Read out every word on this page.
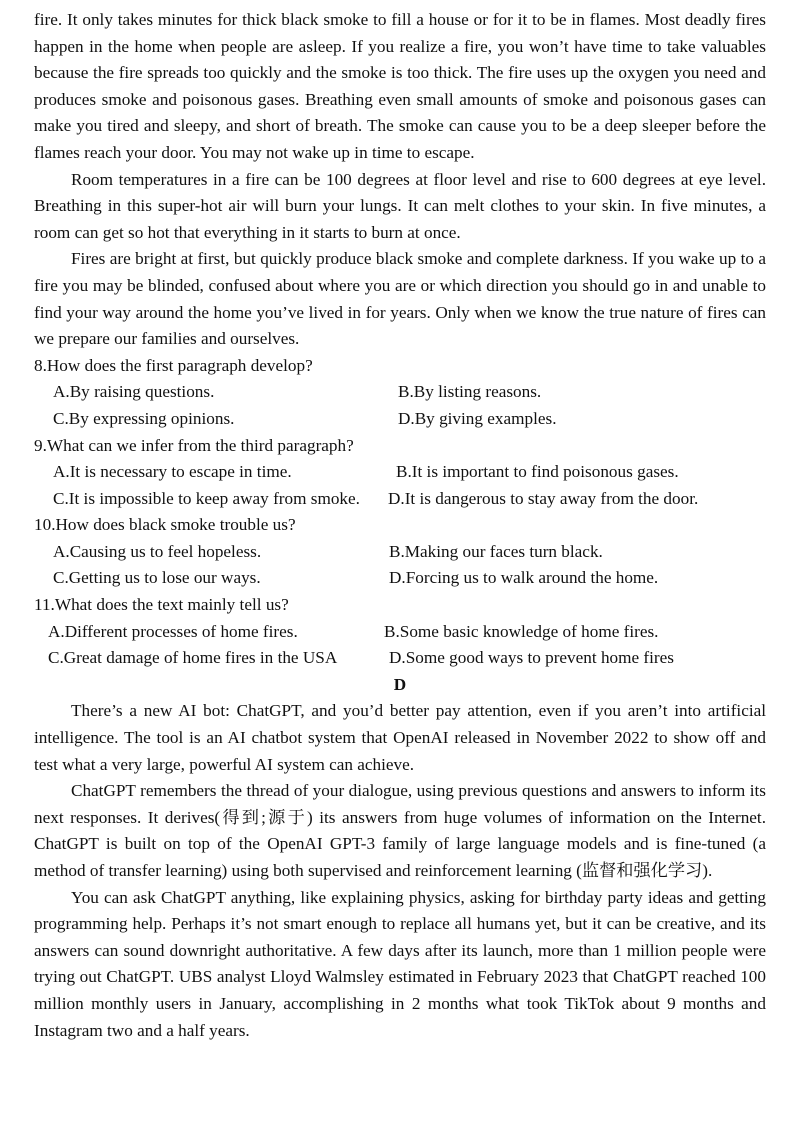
fire. It only takes minutes for thick black smoke to fill a house or for it to be in flames. Most deadly fires happen in the home when people are asleep. If you realize a fire, you won’t have time to take valuables because the fire spreads too quickly and the smoke is too thick. The fire uses up the oxygen you need and produces smoke and poisonous gases. Breathing even small amounts of smoke and poisonous gases can make you tired and sleepy, and short of breath. The smoke can cause you to be a deep sleeper before the flames reach your door. You may not wake up in time to escape.

Room temperatures in a fire can be 100 degrees at floor level and rise to 600 degrees at eye level. Breathing in this super-hot air will burn your lungs. It can melt clothes to your skin. In five minutes, a room can get so hot that everything in it starts to burn at once.

Fires are bright at first, but quickly produce black smoke and complete darkness. If you wake up to a fire you may be blinded, confused about where you are or which direction you should go in and unable to find your way around the home you’ve lived in for years. Only when we know the true nature of fires can we prepare our families and ourselves.

8.How does the first paragraph develop?

A.By raising questions.	B.By listing reasons.
C.By expressing opinions.	D.By giving examples.

9.What can we infer from the third paragraph?

A.It is necessary to escape in time.	B.It is important to find poisonous gases.
C.It is impossible to keep away from smoke. D.It is dangerous to stay away from the door.

10.How does black smoke trouble us?

A.Causing us to feel hopeless.	B.Making our faces turn black.
C.Getting us to lose our ways.	D.Forcing us to walk around the home.

11.What does the text mainly tell us?

A.Different processes of home fires.	B.Some basic knowledge of home fires.
C.Great damage of home fires in the USA	D.Some good ways to prevent home fires

D

There’s a new AI bot: ChatGPT, and you’d better pay attention, even if you aren’t into artificial intelligence. The tool is an AI chatbot system that OpenAI released in November 2022 to show off and test what a very large, powerful AI system can achieve.

ChatGPT remembers the thread of your dialogue, using previous questions and answers to inform its next responses. It derives(得到;源于) its answers from huge volumes of information on the Internet. ChatGPT is built on top of the OpenAI GPT-3 family of large language models and is fine-tuned (a method of transfer learning) using both supervised and reinforcement learning (监督和强化学习).

You can ask ChatGPT anything, like explaining physics, asking for birthday party ideas and getting programming help. Perhaps it’s not smart enough to replace all humans yet, but it can be creative, and its answers can sound downright authoritative. A few days after its launch, more than 1 million people were trying out ChatGPT. UBS analyst Lloyd Walmsley estimated in February 2023 that ChatGPT reached 100 million monthly users in January, accomplishing in 2 months what took TikTok about 9 months and Instagram two and a half years.
